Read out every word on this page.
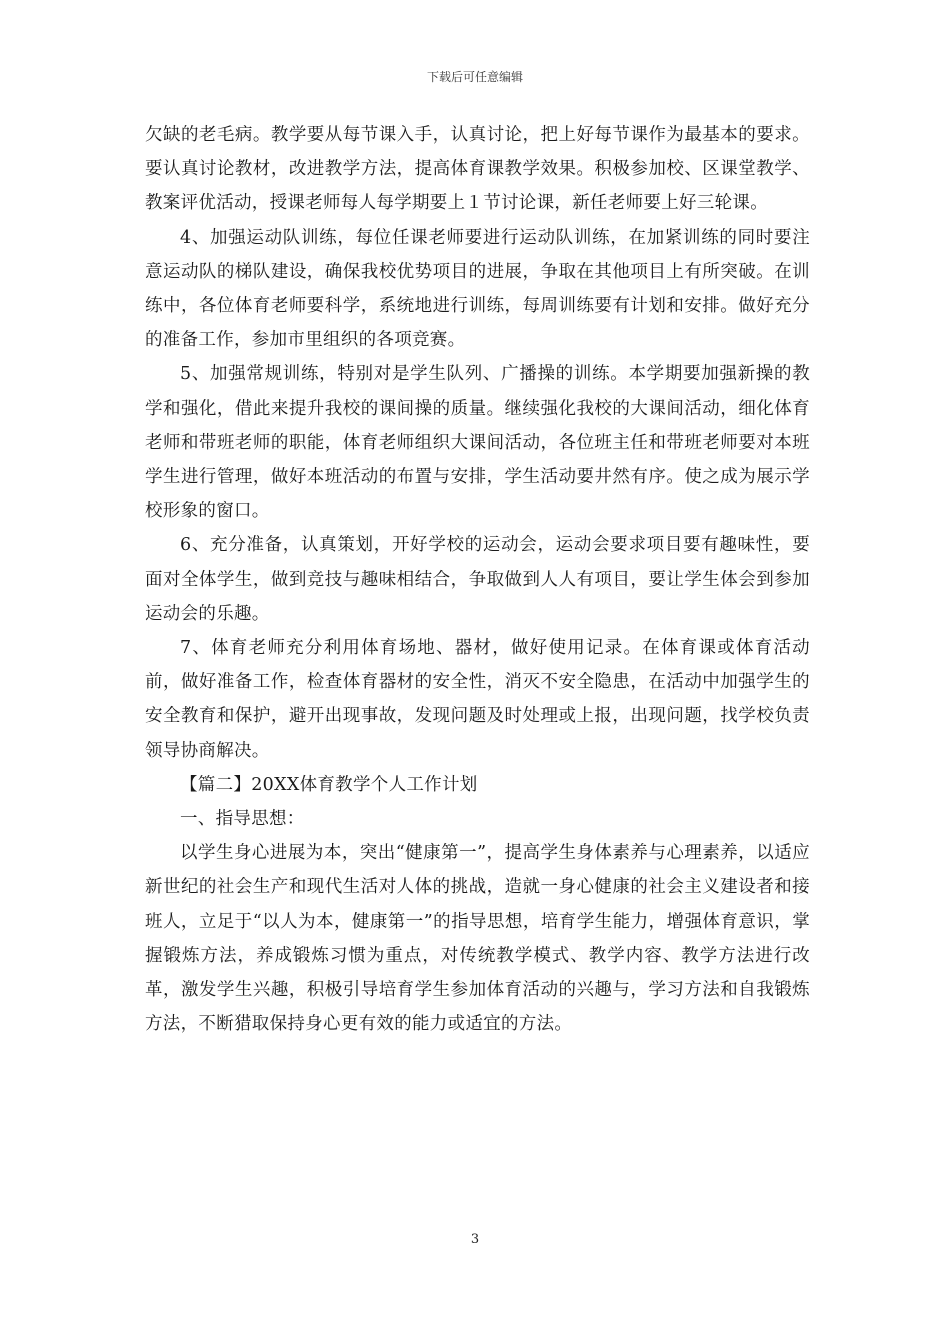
下载后可任意编辑

欠缺的老毛病。教学要从每节课入手，认真讨论，把上好每节课作为最基本的要求。要认真讨论教材，改进教学方法，提高体育课教学效果。积极参加校、区课堂教学、教案评优活动，授课老师每人每学期要上１节讨论课，新任老师要上好三轮课。

4、加强运动队训练，每位任课老师要进行运动队训练，在加紧训练的同时要注意运动队的梯队建设，确保我校优势项目的进展，争取在其他项目上有所突破。在训练中，各位体育老师要科学，系统地进行训练，每周训练要有计划和安排。做好充分的准备工作，参加市里组织的各项竞赛。

5、加强常规训练，特别对是学生队列、广播操的训练。本学期要加强新操的教学和强化，借此来提升我校的课间操的质量。继续强化我校的大课间活动，细化体育老师和带班老师的职能，体育老师组织大课间活动，各位班主任和带班老师要对本班学生进行管理，做好本班活动的布置与安排，学生活动要井然有序。使之成为展示学校形象的窗口。

6、充分准备，认真策划，开好学校的运动会，运动会要求项目要有趣味性，要面对全体学生，做到竞技与趣味相结合，争取做到人人有项目，要让学生体会到参加运动会的乐趣。

7、体育老师充分利用体育场地、器材，做好使用记录。在体育课或体育活动前，做好准备工作，检查体育器材的安全性，消灭不安全隐患，在活动中加强学生的安全教育和保护，避开出现事故，发现问题及时处理或上报，出现问题，找学校负责领导协商解决。

【篇二】20XX体育教学个人工作计划

一、指导思想：

以学生身心进展为本，突出“健康第一”，提高学生身体素养与心理素养，以适应新世纪的社会生产和现代生活对人体的挑战，造就一身心健康的社会主义建设者和接班人，立足于“以人为本，健康第一”的指导思想，培育学生能力，增强体育意识，掌握锻炼方法，养成锻炼习惯为重点，对传统教学模式、教学内容、教学方法进行改革，激发学生兴趣，积极引导培育学生参加体育活动的兴趣与，学习方法和自我锻炼方法，不断猎取保持身心更有效的能力或适宜的方法。

3
